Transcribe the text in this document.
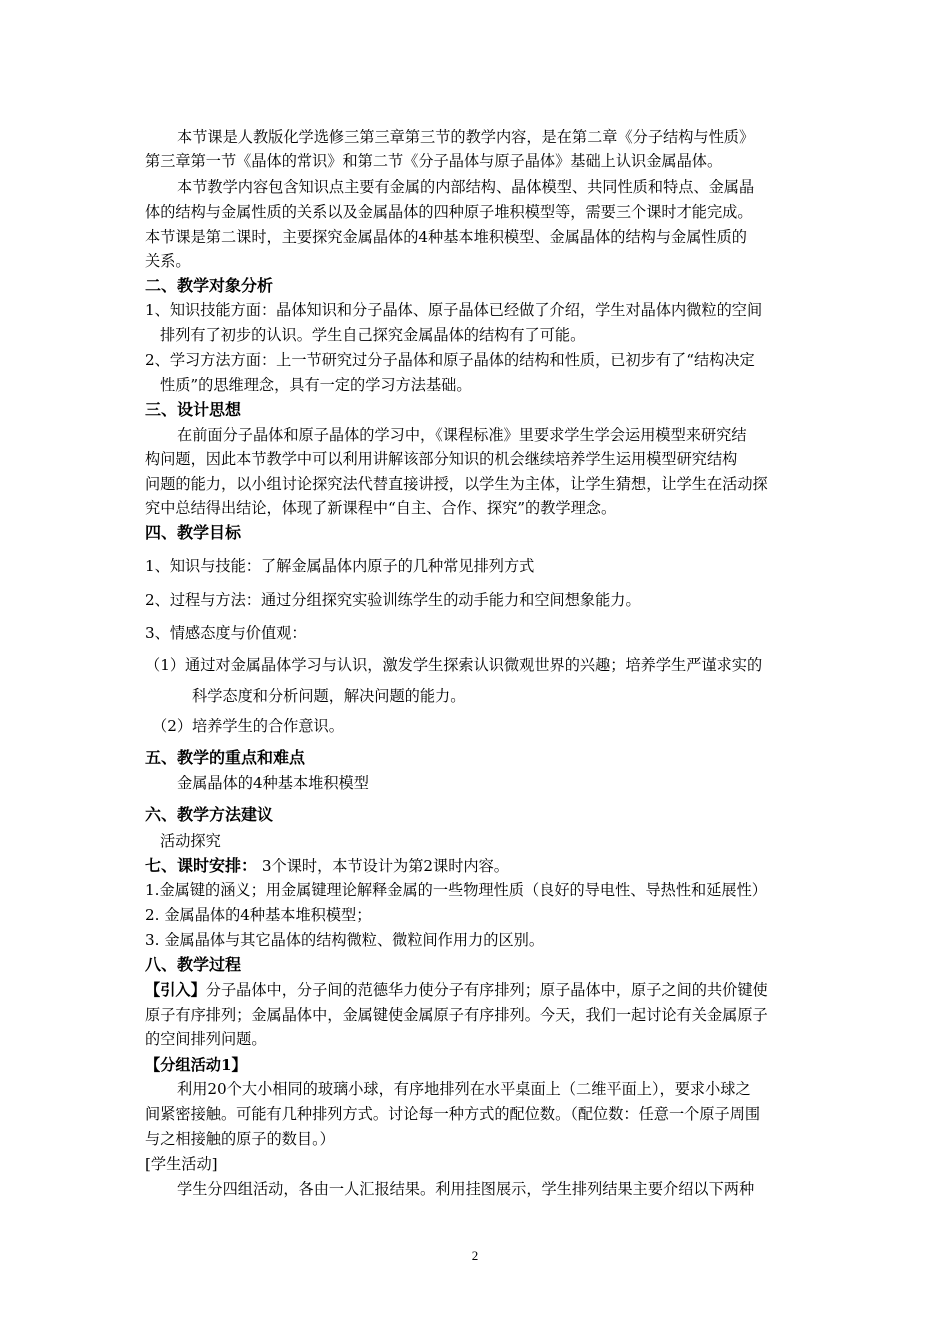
本节课是人教版化学选修三第三章第三节的教学内容，是在第二章《分子结构与性质》
第三章第一节《晶体的常识》和第二节《分子晶体与原子晶体》基础上认识金属晶体。
本节教学内容包含知识点主要有金属的内部结构、晶体模型、共同性质和特点、金属晶
体的结构与金属性质的关系以及金属晶体的四种原子堆积模型等，需要三个课时才能完成。
本节课是第二课时，主要探究金属晶体的4种基本堆积模型、金属晶体的结构与金属性质的
关系。
二、教学对象分析
1、知识技能方面：晶体知识和分子晶体、原子晶体已经做了介绍，学生对晶体内微粒的空间
排列有了初步的认识。学生自己探究金属晶体的结构有了可能。
2、学习方法方面：上一节研究过分子晶体和原子晶体的结构和性质，已初步有了“结构决定
性质”的思维理念，具有一定的学习方法基础。
三、设计思想
在前面分子晶体和原子晶体的学习中，《课程标准》里要求学生学会运用模型来研究结
构问题，因此本节教学中可以利用讲解该部分知识的机会继续培养学生运用模型研究结构
问题的能力，以小组讨论探究法代替直接讲授，以学生为主体，让学生猜想，让学生在活动探
究中总结得出结论，体现了新课程中“自主、合作、探究”的教学理念。
四、教学目标
1、知识与技能：了解金属晶体内原子的几种常见排列方式
2、过程与方法：通过分组探究实验训练学生的动手能力和空间想象能力。
3、情感态度与价值观：
（1）通过对金属晶体学习与认识，激发学生探索认识微观世界的兴趣；培养学生严谨求实的
科学态度和分析问题，解决问题的能力。
（2）培养学生的合作意识。
五、教学的重点和难点
金属晶体的4种基本堆积模型
六、教学方法建议
活动探究
七、课时安排： 3个课时，本节设计为第2课时内容。
1.金属键的涵义；用金属键理论解释金属的一些物理性质（良好的导电性、导热性和延展性）
2. 金属晶体的4种基本堆积模型；
3. 金属晶体与其它晶体的结构微粒、微粒间作用力的区别。
八、教学过程
【引入】分子晶体中，分子间的范德华力使分子有序排列；原子晶体中，原子之间的共价键使
原子有序排列；金属晶体中，金属键使金属原子有序排列。今天，我们一起讨论有关金属原子
的空间排列问题。
【分组活动1】
利用20个大小相同的玻璃小球，有序地排列在水平桌面上（二维平面上），要求小球之
间紧密接触。可能有几种排列方式。讨论每一种方式的配位数。（配位数：任意一个原子周围
与之相接触的原子的数目。）
[学生活动]
学生分四组活动，各由一人汇报结果。利用挂图展示，学生排列结果主要介绍以下两种
2
